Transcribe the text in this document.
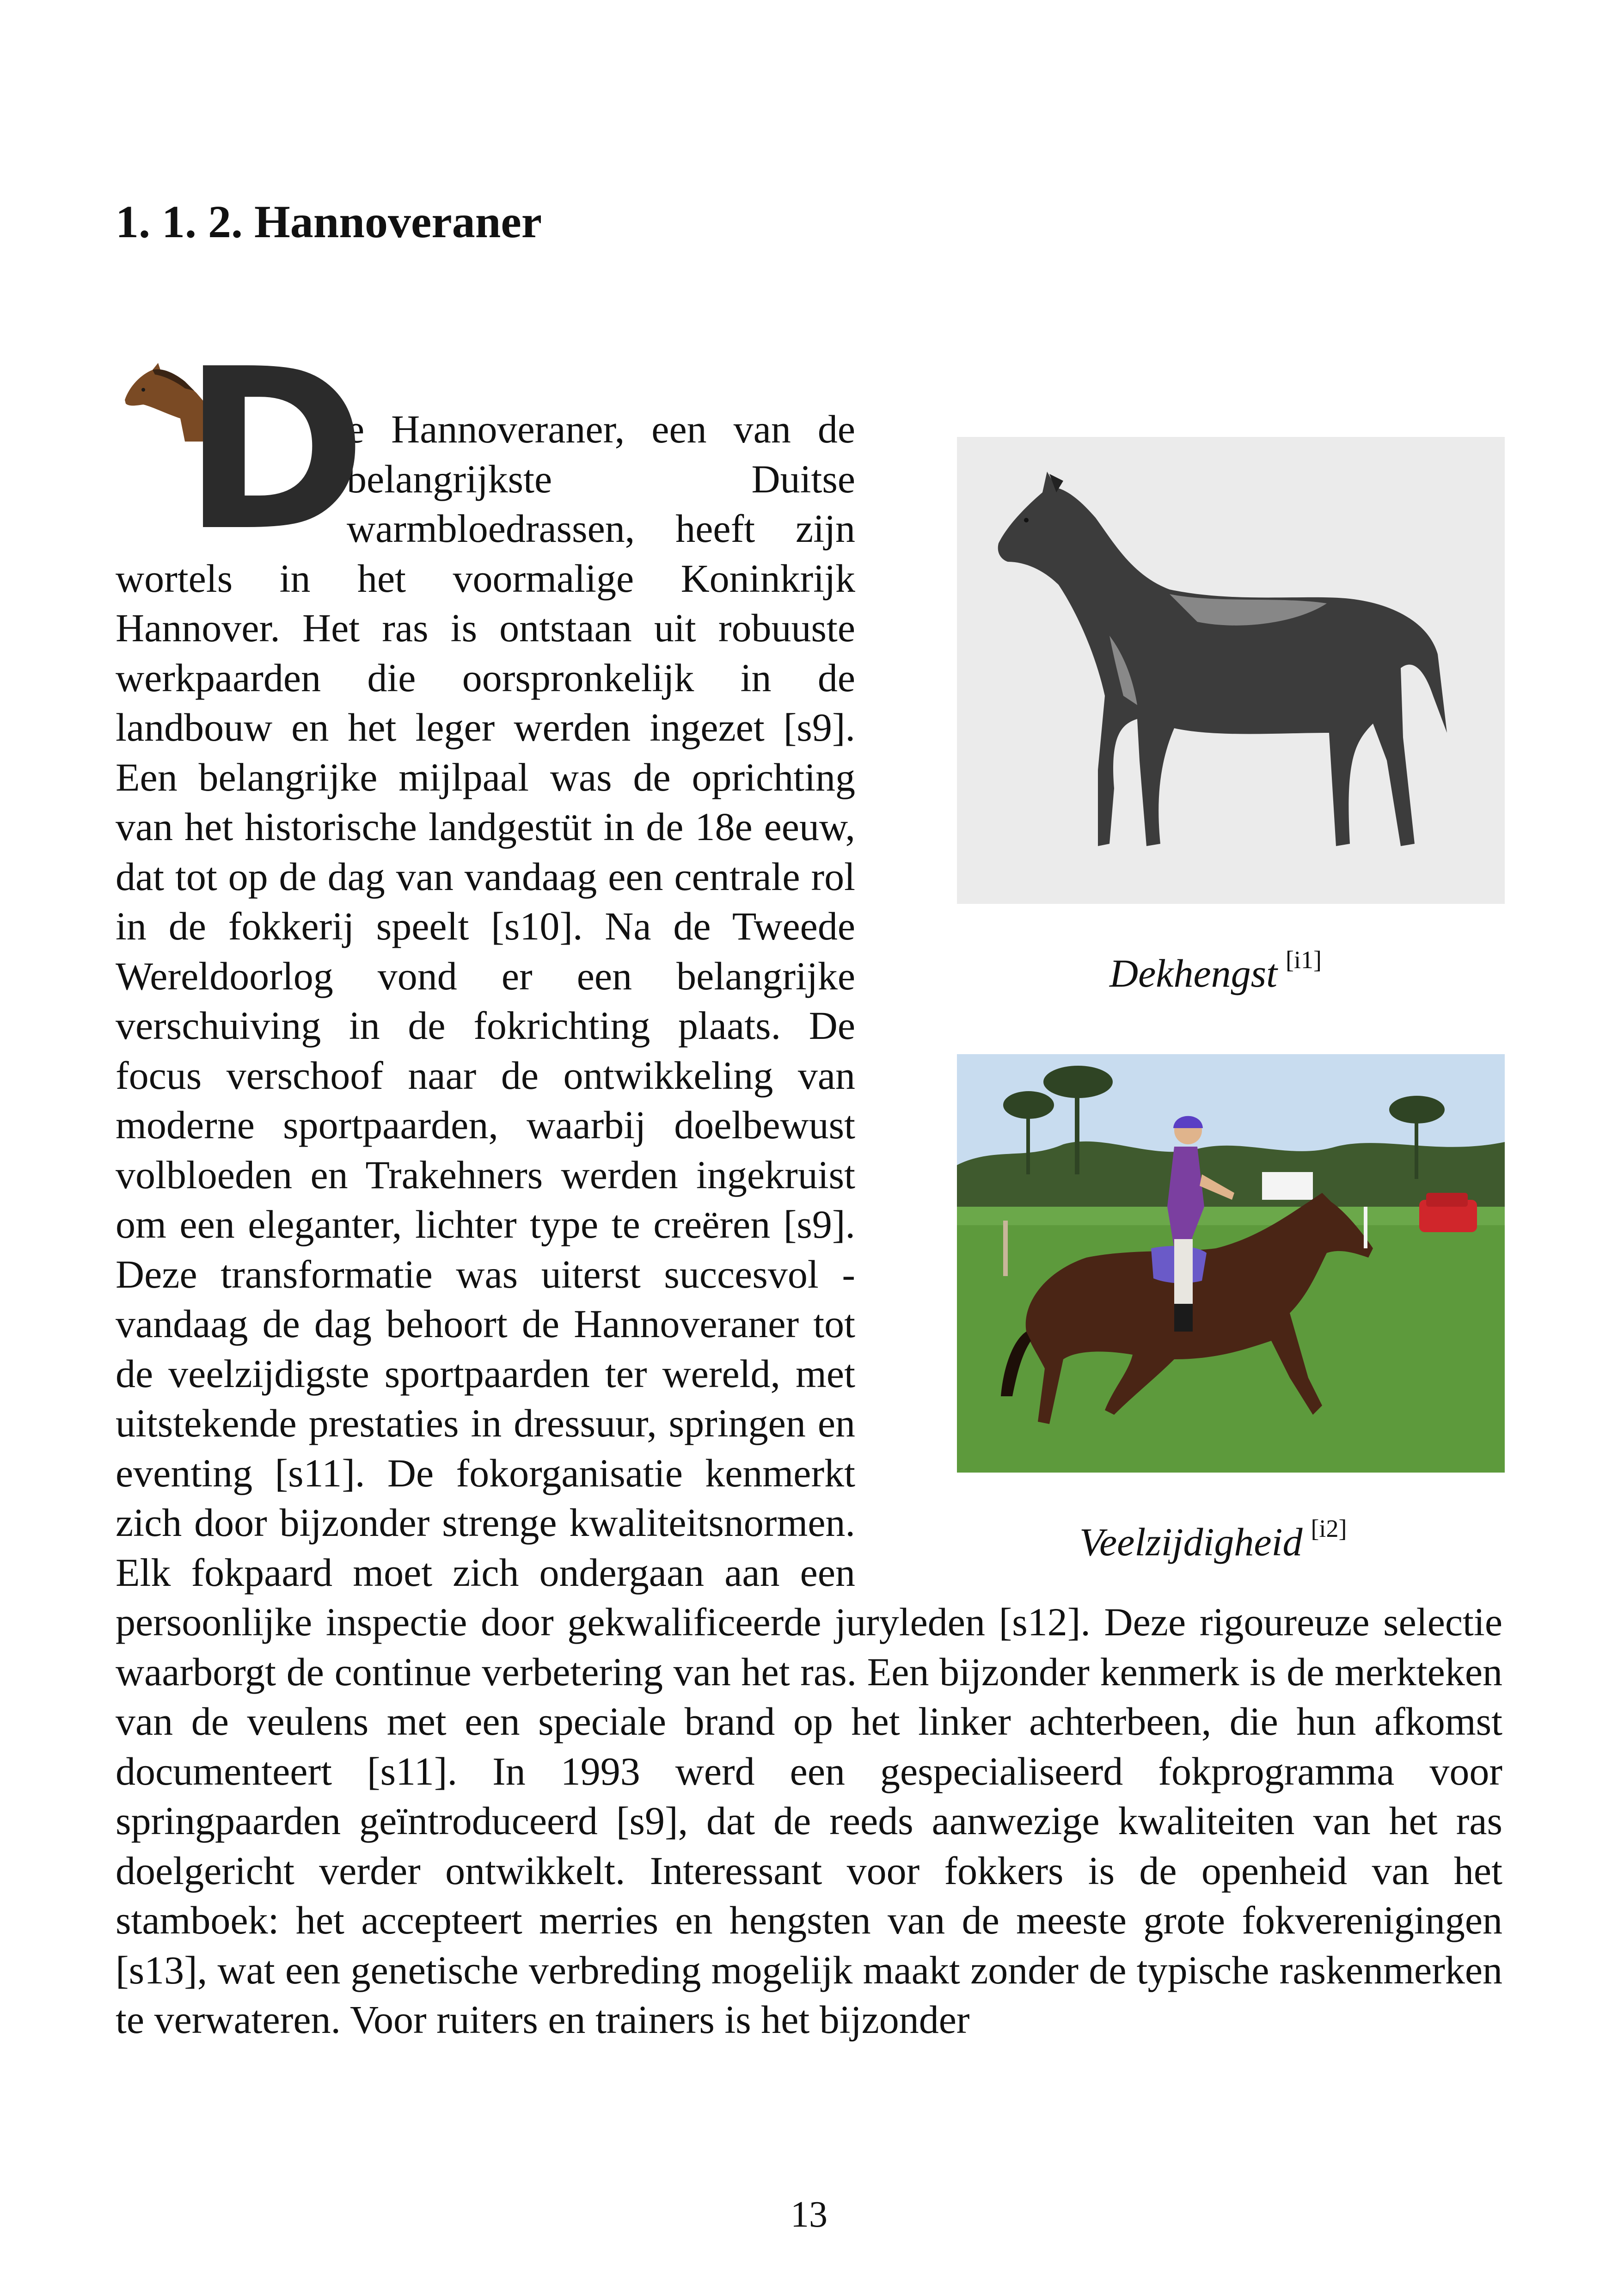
1. 1. 2. Hannoveraner
D

e Hannoveraner, een van de belangrijkste Duitse warmbloedrassen, heeft zijn wortels in het voormalige Koninkrijk Hannover. Het ras is ontstaan uit robuuste werkpaarden die oorspronkelijk in de landbouw en het leger werden ingezet [s9]. Een belangrijke mijlpaal was de oprichting van het historische landgestüt in de 18e eeuw, dat tot op de dag van vandaag een centrale rol in de fokkerij speelt [s10]. Na de Tweede Wereldoorlog vond er een belangrijke verschuiving in de fokrichting plaats. De focus verschoof naar de ontwikkeling van moderne sportpaarden, waarbij doelbewust volbloeden en Trakehners werden ingekruist om een eleganter, lichter type te creëren [s9]. Deze transformatie was uiterst succesvol - vandaag de dag behoort de Hannoveraner tot de veelzijdigste sportpaarden ter wereld, met uitstekende prestaties in dressuur, springen en eventing [s11]. De fokorganisatie kenmerkt zich door bijzonder strenge kwaliteitsnormen. Elk fokpaard moet zich ondergaan aan een persoonlijke inspectie door gekwalificeerde juryleden [s12]. Deze rigoureuze selectie waarborgt de continue verbetering van het ras. Een bijzonder kenmerk is de merkteken van de veulens met een speciale brand op het linker achterbeen, die hun afkomst documenteert [s11]. In 1993 werd een gespecialiseerd fokprogramma voor springpaarden geïntroduceerd [s9], dat de reeds aanwezige kwaliteiten van het ras doelgericht verder ontwikkelt. Interessant voor fokkers is de openheid van het stamboek: het accepteert merries en hengsten van de meeste grote fokverenigingen [s13], wat een genetische verbreding mogelijk maakt zonder de typische raskenmerken te verwateren. Voor ruiters en trainers is het bijzonder

Dekhengst [i1]
Veelzijdigheid [i2]
13
